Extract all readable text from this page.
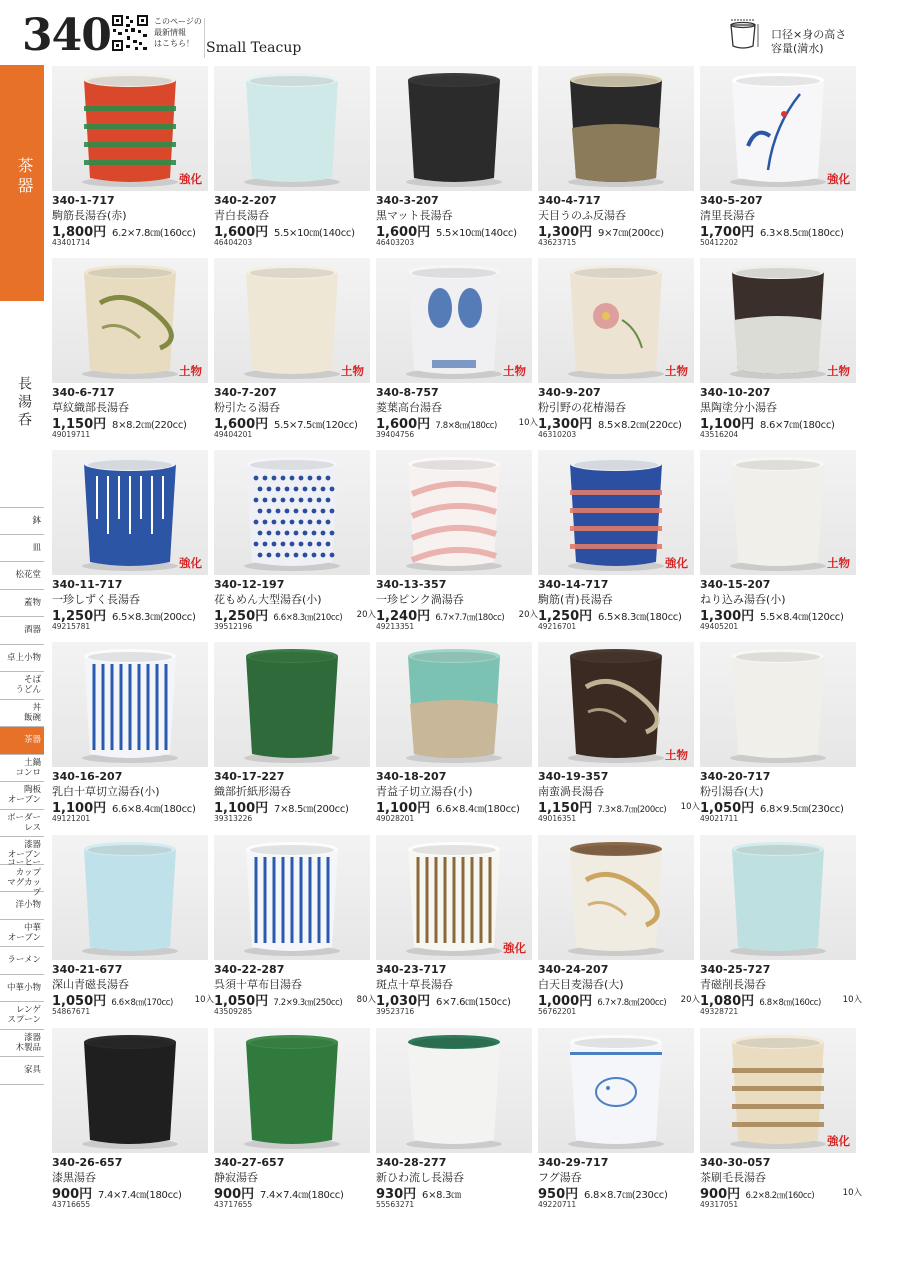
340	このページの
最新情報
はこちら！ Small Teacup
口径×身の高さ
容量(満水)
茶器
長湯呑
鉢
皿
松花堂
蓋物
酒器
卓上小物
そば
うどん
丼
飯碗
茶器
土鍋
コンロ
陶板
オーブン
ボーダーレス
漆器
オーブン
コーヒーカップ
マグカップ
洋小物
中華
オーブン
ラーメン
中華小物
レンゲ
スプーン
漆器
木製品
家具
強化
340-1-717
駒筋長湯呑(赤)
1,800円 6.2×7.8㎝(160cc)
43401714
340-2-207
青白長湯呑
1,600円 5.5×10㎝(140cc)
46404203
340-3-207
黒マット長湯呑
1,600円 5.5×10㎝(140cc)
46403203
340-4-717
天目うのふ反湯呑
1,300円 9×7㎝(200cc)
43623715
強化
340-5-207
清里長湯呑
1,700円 6.3×8.5㎝(180cc)
50412202
土物
340-6-717
草紋織部長湯呑
1,150円 8×8.2㎝(220cc)
49019711
土物
340-7-207
粉引たる湯呑
1,600円 5.5×7.5㎝(120cc)
49404201
土物
340-8-757
菱葉高台湯呑
1,600円 7.8×8㎝(180cc)	10入
39404756
土物
340-9-207
粉引野の花椿湯呑
1,300円 8.5×8.2㎝(220cc)
46310203
土物
340-10-207
黒陶塗分小湯呑
1,100円 8.6×7㎝(180cc)
43516204
強化
340-11-717
一珍しずく長湯呑
1,250円 6.5×8.3㎝(200cc)
49215781
340-12-197
花もめん大型湯呑(小)
1,250円 6.6×8.3㎝(210cc) 20入
39512196
340-13-357
一珍ピンク渦湯呑
1,240円 6.7×7.7㎝(180cc) 20入
49213351
強化
340-14-717
駒筋(青)長湯呑
1,250円 6.5×8.3㎝(180cc)
49216701
土物
340-15-207
ねり込み湯呑(小)
1,300円 5.5×8.4㎝(120cc)
49405201
340-16-207
乳白十草切立湯呑(小)
1,100円 6.6×8.4㎝(180cc)
49121201
340-17-227
織部折紙形湯呑
1,100円 7×8.5㎝(200cc)
39313226
340-18-207
青益子切立湯呑(小)
1,100円 6.6×8.4㎝(180cc)
49028201
土物
340-19-357
南蛮渦長湯呑
1,150円 7.3×8.7㎝(200cc) 10入
49016351
340-20-717
粉引湯呑(大)
1,050円 6.8×9.5㎝(230cc)
49021711
340-21-677
深山青磁長湯呑
1,050円 6.6×8㎝(170cc)	10入
54867671
340-22-287
呉須十草布目湯呑
1,050円 7.2×9.3㎝(250cc) 80入
43509285
強化
340-23-717
斑点十草長湯呑
1,030円 6×7.6㎝(150cc)
39523716
340-24-207
白天目麦湯呑(大)
1,000円 6.7×7.8㎝(200cc) 20入
56762201
340-25-727
青磁削長湯呑
1,080円 6.8×8㎝(160cc)	10入
49328721
340-26-657
漆黒湯呑
900円 7.4×7.4㎝(180cc)
43716655
340-27-657
静寂湯呑
900円 7.4×7.4㎝(180cc)
43717655
340-28-277
新ひわ流し長湯呑
930円 6×8.3㎝
55563271
340-29-717
フグ湯呑
950円 6.8×8.7㎝(230cc)
49220711
強化
340-30-057
茶刷毛長湯呑
900円 6.2×8.2㎝(160cc)	10入
49317051
